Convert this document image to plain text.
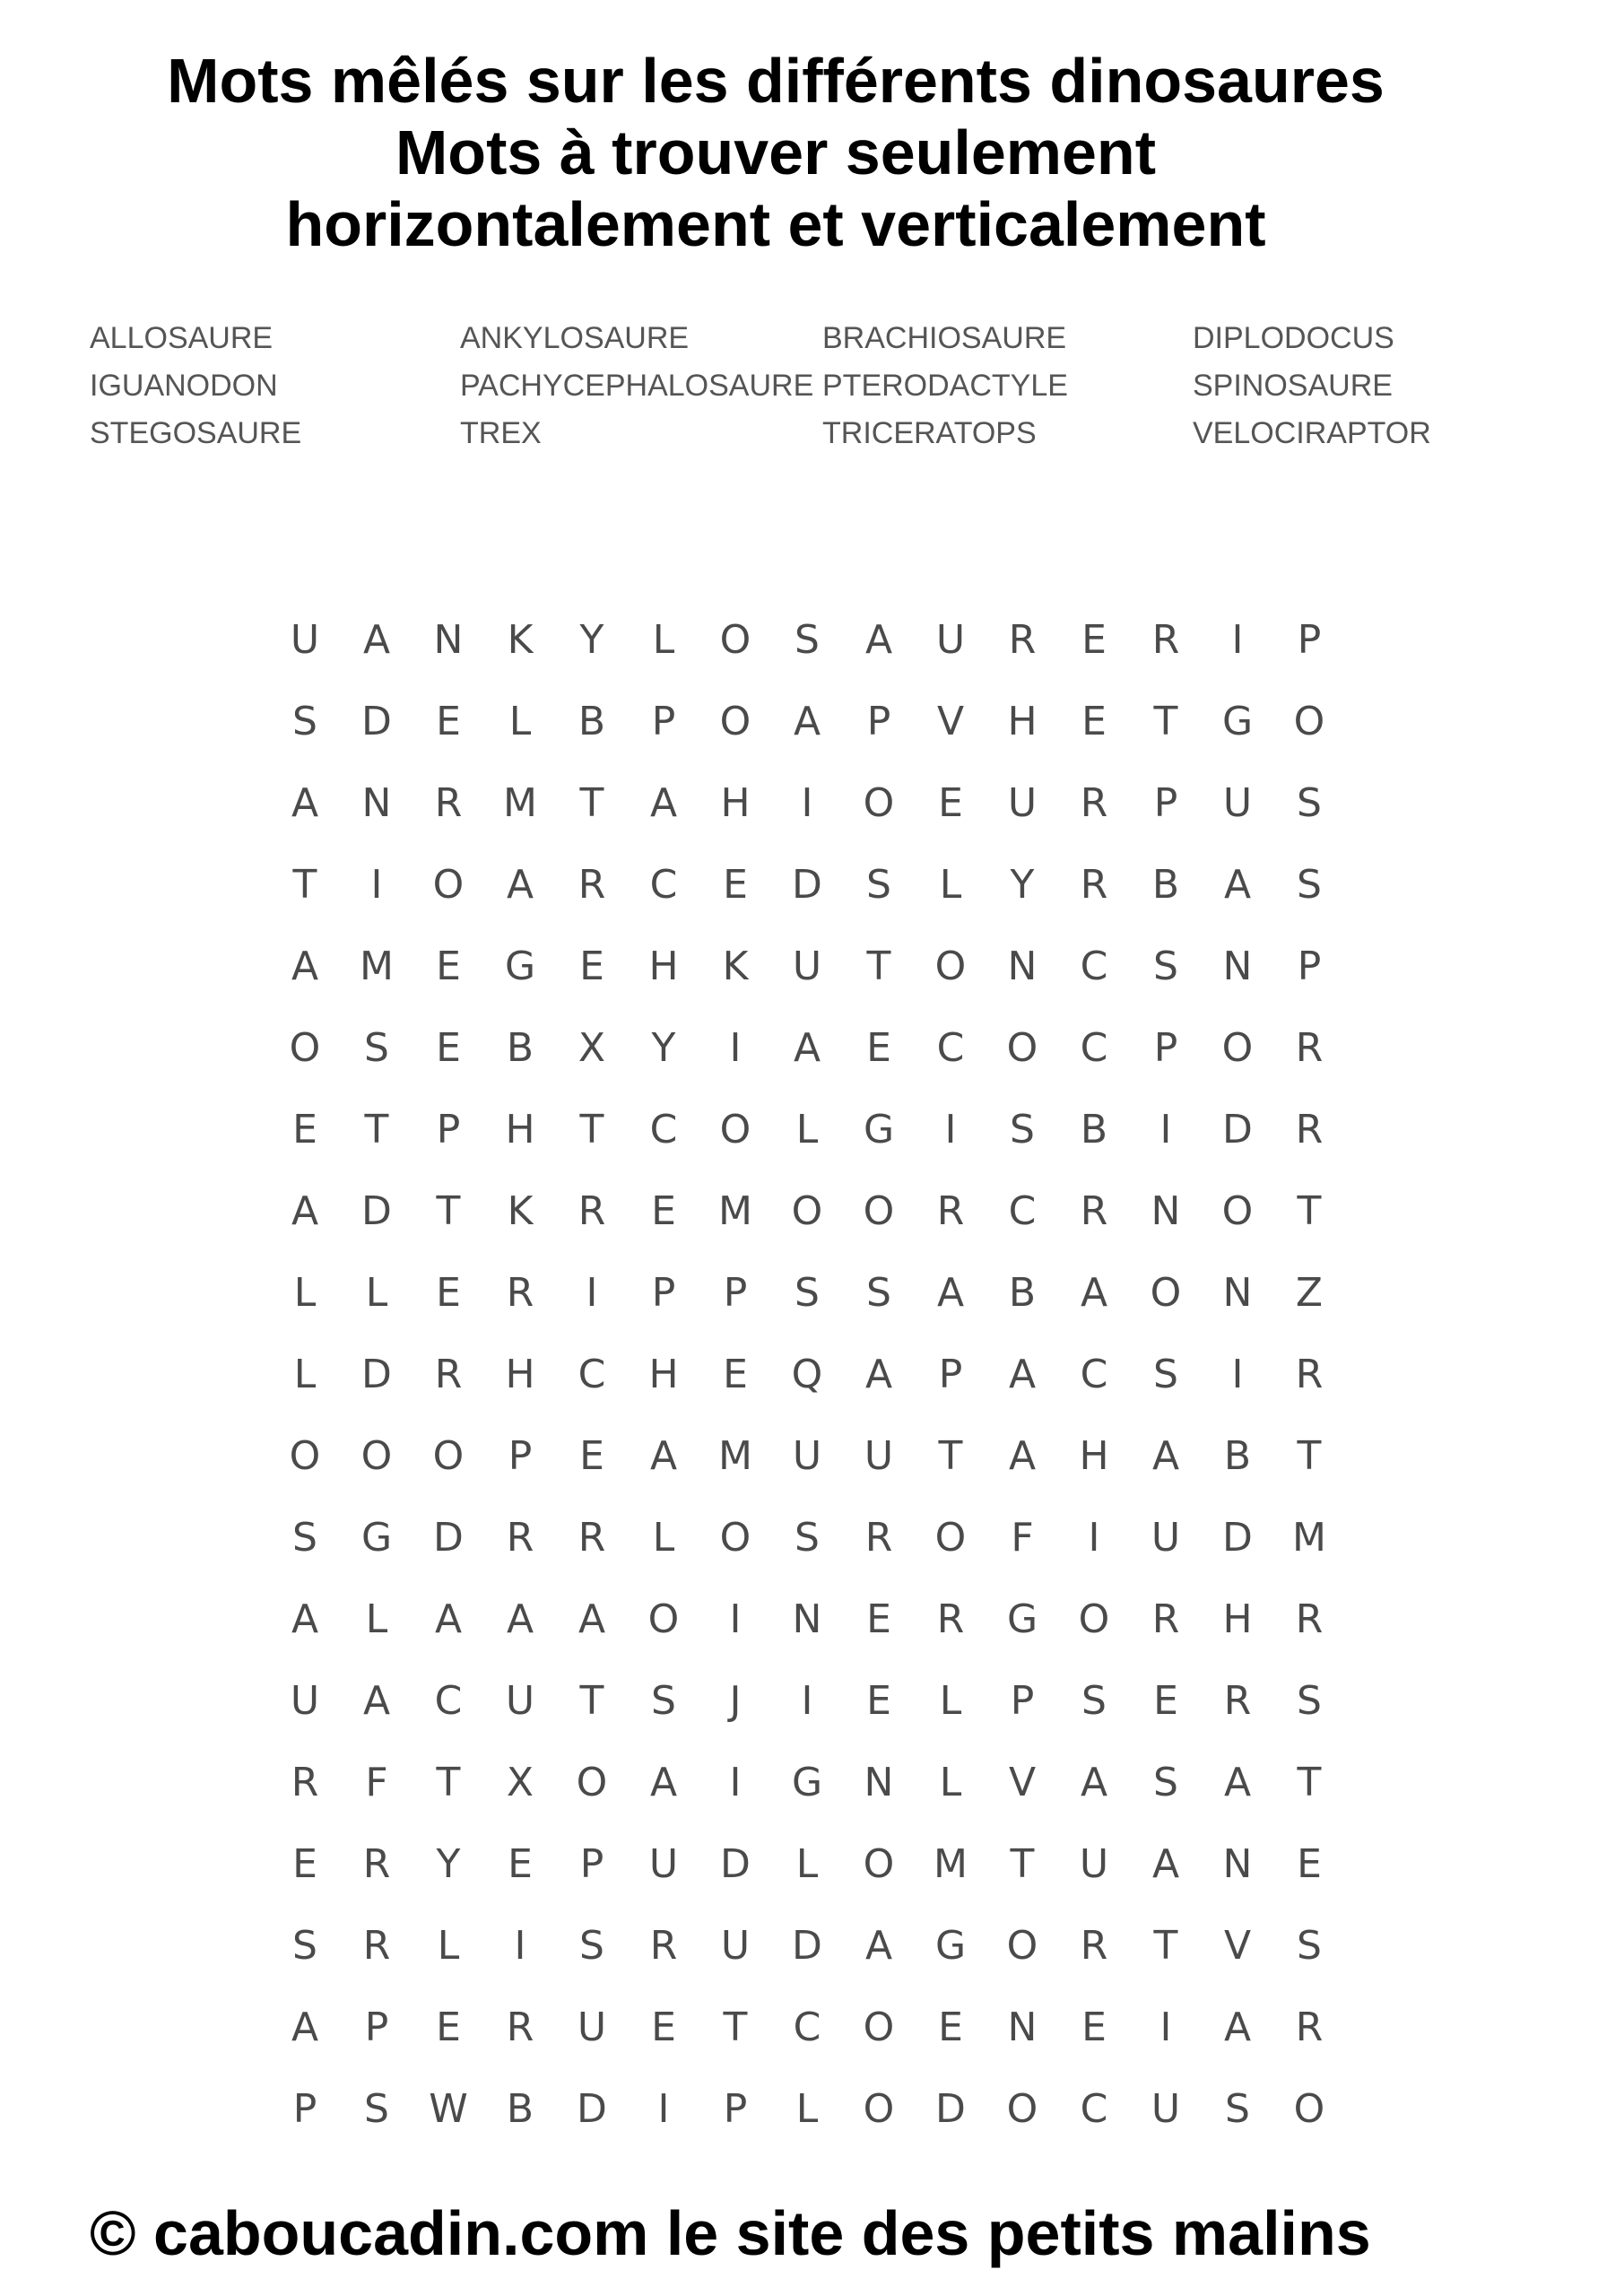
Mots mêlés sur les différents dinosaures
Mots à trouver seulement
horizontalement et verticalement
ALLOSAURE	ANKYLOSAURE	BRACHIOSAURE	DIPLODOCUS
IGUANODON	PACHYCEPHALOSAURE PTERODACTYLE	SPINOSAURE
STEGOSAURE	TREX	TRICERATOPS	VELOCIRAPTOR
U	A	N	K	Y	L	O	S	A	U	R	E	R	I	P
S	D	E	L	B	P	O	A	P	V	H	E	T	G	O
A	N	R	M	T	A	H	I	O	E	U	R	P	U	S
T	I	O	A	R	C	E	D	S	L	Y	R	B	A	S
A	M	E	G	E	H	K	U	T	O	N	C	S	N	P
O	S	E	B	X	Y	I	A	E	C	O	C	P	O	R
E	T	P	H	T	C	O	L	G	I	S	B	I	D	R
A	D	T	K	R	E	M O	O	R	C	R	N	O	T
L	L	E	R	I	P	P	S	S	A	B	A	O	N	Z
L	D	R	H	C	H	E	Q	A	P	A	C	S	I	R
O	O	O	P	E	A	M	U	U	T	A	H	A	B	T
S	G	D	R	R	L	O	S	R	O	F	I	U	D	M
A	L	A	A	A	O	I	N	E	R	G	O	R	H	R
U	A	C	U	T	S	J	I	E	L	P	S	E	R	S
R	F	T	X	O	A	I	G	N	L	V	A	S	A	T
E	R	Y	E	P	U	D	L	O M	T	U	A	N	E
S	R	L	I	S	R	U	D	A	G	O	R	T	V	S
A	P	E	R	U	E	T	C	O	E	N	E	I	A	R
P	S	W B	D	I	P	L	O	D	O	C	U	S	O
© caboucadin.com le site des petits malins
